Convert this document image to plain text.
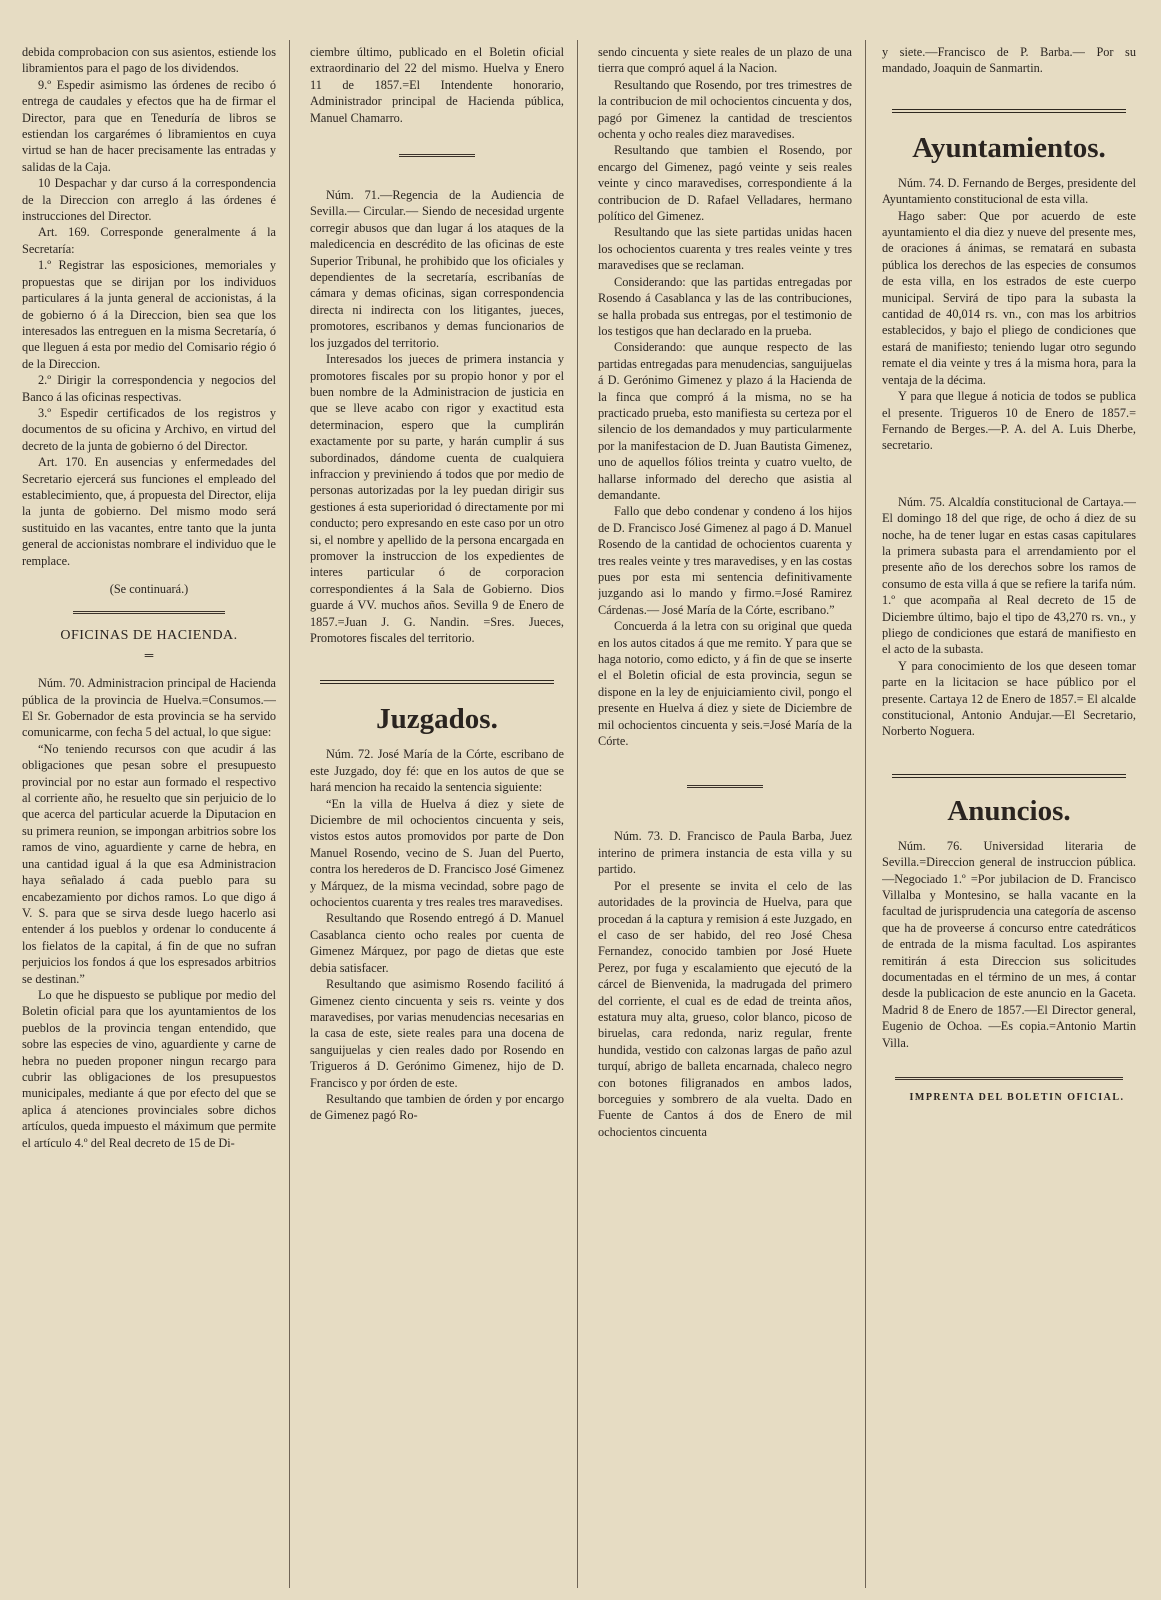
debida comprobacion con sus asientos, estiende los libramientos para el pago de los dividendos.

9.º Espedir asimismo las órdenes de recibo ó entrega de caudales y efectos que ha de firmar el Director, para que en Teneduría de libros se estiendan los cargarémes ó libramientos en cuya virtud se han de hacer precisamente las entradas y salidas de la Caja.

10 Despachar y dar curso á la correspondencia de la Direccion con arreglo á las órdenes é instrucciones del Director.

Art. 169. Corresponde generalmente á la Secretaría:

1.º Registrar las esposiciones, memoriales y propuestas que se dirijan por los individuos particulares á la junta general de accionistas, á la de gobierno ó á la Direccion, bien sea que los interesados las entreguen en la misma Secretaría, ó que lleguen á esta por medio del Comisario régio ó de la Direccion.

2.º Dirigir la correspondencia y negocios del Banco á las oficinas respectivas.

3.º Espedir certificados de los registros y documentos de su oficina y Archivo, en virtud del decreto de la junta de gobierno ó del Director.

Art. 170. En ausencias y enfermedades del Secretario ejercerá sus funciones el empleado del establecimiento, que, á propuesta del Director, elija la junta de gobierno. Del mismo modo será sustituido en las vacantes, entre tanto que la junta general de accionistas nombrare el individuo que le remplace.

(Se continuará.)

OFICINAS DE HACIENDA.
═

Núm. 70. Administracion principal de Hacienda pública de la provincia de Huelva.=Consumos.— El Sr. Gobernador de esta provincia se ha servido comunicarme, con fecha 5 del actual, lo que sigue:

“No teniendo recursos con que acudir á las obligaciones que pesan sobre el presupuesto provincial por no estar aun formado el respectivo al corriente año, he resuelto que sin perjuicio de lo que acerca del particular acuerde la Diputacion en su primera reunion, se impongan arbitrios sobre los ramos de vino, aguardiente y carne de hebra, en una cantidad igual á la que esa Administracion haya señalado á cada pueblo para su encabezamiento por dichos ramos. Lo que digo á V. S. para que se sirva desde luego hacerlo asi entender á los pueblos y ordenar lo conducente á los fielatos de la capital, á fin de que no sufran perjuicios los fondos á que los espresados arbitrios se destinan.”

Lo que he dispuesto se publique por medio del Boletin oficial para que los ayuntamientos de los pueblos de la provincia tengan entendido, que sobre las especies de vino, aguardiente y carne de hebra no pueden proponer ningun recargo para cubrir las obligaciones de los presupuestos municipales, mediante á que por efecto del que se aplica á atenciones provinciales sobre dichos artículos, queda impuesto el máximum que permite el artículo 4.º del Real decreto de 15 de Di-

ciembre último, publicado en el Boletin oficial extraordinario del 22 del mismo. Huelva y Enero 11 de 1857.=El Intendente honorario, Administrador principal de Hacienda pública, Manuel Chamarro.

Núm. 71.—Regencia de la Audiencia de Sevilla.— Circular.— Siendo de necesidad urgente corregir abusos que dan lugar á los ataques de la maledicencia en descrédito de las oficinas de este Superior Tribunal, he prohibido que los oficiales y dependientes de la secretaría, escribanías de cámara y demas oficinas, sigan correspondencia directa ni indirecta con los litigantes, jueces, promotores, escribanos y demas funcionarios de los juzgados del territorio.

Interesados los jueces de primera instancia y promotores fiscales por su propio honor y por el buen nombre de la Administracion de justicia en que se lleve acabo con rigor y exactitud esta determinacion, espero que la cumplirán exactamente por su parte, y harán cumplir á sus subordinados, dándome cuenta de cualquiera infraccion y previniendo á todos que por medio de personas autorizadas por la ley puedan dirigir sus gestiones á esta superioridad ó directamente por mi conducto; pero expresando en este caso por un otro si, el nombre y apellido de la persona encargada en promover la instruccion de los expedientes de interes particular ó de corporacion correspondientes á la Sala de Gobierno. Dios guarde á VV. muchos años. Sevilla 9 de Enero de 1857.=Juan J. G. Nandin. =Sres. Jueces, Promotores fiscales del territorio.

Juzgados.

Núm. 72. José María de la Córte, escribano de este Juzgado, doy fé: que en los autos de que se hará mencion ha recaido la sentencia siguiente:

“En la villa de Huelva á diez y siete de Diciembre de mil ochocientos cincuenta y seis, vistos estos autos promovidos por parte de Don Manuel Rosendo, vecino de S. Juan del Puerto, contra los herederos de D. Francisco José Gimenez y Márquez, de la misma vecindad, sobre pago de ochocientos cuarenta y tres reales tres maravedises.

Resultando que Rosendo entregó á D. Manuel Casablanca ciento ocho reales por cuenta de Gimenez Márquez, por pago de dietas que este debia satisfacer.

Resultando que asimismo Rosendo facilitó á Gimenez ciento cincuenta y seis rs. veinte y dos maravedises, por varias menudencias necesarias en la casa de este, siete reales para una docena de sanguijuelas y cien reales dado por Rosendo en Trigueros á D. Gerónimo Gimenez, hijo de D. Francisco y por órden de este.

Resultando que tambien de órden y por encargo de Gimenez pagó Ro-

sendo cincuenta y siete reales de un plazo de una tierra que compró aquel á la Nacion.

Resultando que Rosendo, por tres trimestres de la contribucion de mil ochocientos cincuenta y dos, pagó por Gimenez la cantidad de trescientos ochenta y ocho reales diez maravedises.

Resultando que tambien el Rosendo, por encargo del Gimenez, pagó veinte y seis reales veinte y cinco maravedises, correspondiente á la contribucion de D. Rafael Velladares, hermano político del Gimenez.

Resultando que las siete partidas unidas hacen los ochocientos cuarenta y tres reales veinte y tres maravedises que se reclaman.

Considerando: que las partidas entregadas por Rosendo á Casablanca y las de las contribuciones, se halla probada sus entregas, por el testimonio de los testigos que han declarado en la prueba.

Considerando: que aunque respecto de las partidas entregadas para menudencias, sanguijuelas á D. Gerónimo Gimenez y plazo á la Hacienda de la finca que compró á la misma, no se ha practicado prueba, esto manifiesta su certeza por el silencio de los demandados y muy particularmente por la manifestacion de D. Juan Bautista Gimenez, uno de aquellos fólios treinta y cuatro vuelto, de hallarse informado del derecho que asistia al demandante.

Fallo que debo condenar y condeno á los hijos de D. Francisco José Gimenez al pago á D. Manuel Rosendo de la cantidad de ochocientos cuarenta y tres reales veinte y tres maravedises, y en las costas pues por esta mi sentencia definitivamente juzgando asi lo mando y firmo.=José Ramirez Cárdenas.— José María de la Córte, escribano.”

Concuerda á la letra con su original que queda en los autos citados á que me remito. Y para que se haga notorio, como edicto, y á fin de que se inserte el el Boletin oficial de esta provincia, segun se dispone en la ley de enjuiciamiento civil, pongo el presente en Huelva á diez y siete de Diciembre de mil ochocientos cincuenta y seis.=José María de la Córte.

Núm. 73. D. Francisco de Paula Barba, Juez interino de primera instancia de esta villa y su partido.

Por el presente se invita el celo de las autoridades de la provincia de Huelva, para que procedan á la captura y remision á este Juzgado, en el caso de ser habido, del reo José Chesa Fernandez, conocido tambien por José Huete Perez, por fuga y escalamiento que ejecutó de la cárcel de Bienvenida, la madrugada del primero del corriente, el cual es de edad de treinta años, estatura muy alta, grueso, color blanco, picoso de biruelas, cara redonda, nariz regular, frente hundida, vestido con calzonas largas de paño azul turquí, abrigo de balleta encarnada, chaleco negro con botones filigranados en ambos lados, borceguies y sombrero de ala vuelta. Dado en Fuente de Cantos á dos de Enero de mil ochocientos cincuenta

y siete.—Francisco de P. Barba.— Por su mandado, Joaquin de Sanmartin.

Ayuntamientos.

Núm. 74. D. Fernando de Berges, presidente del Ayuntamiento constitucional de esta villa.

Hago saber: Que por acuerdo de este ayuntamiento el dia diez y nueve del presente mes, de oraciones á ánimas, se rematará en subasta pública los derechos de las especies de consumos de esta villa, en los estrados de este cuerpo municipal. Servirá de tipo para la subasta la cantidad de 40,014 rs. vn., con mas los arbitrios establecidos, y bajo el pliego de condiciones que estará de manifiesto; teniendo lugar otro segundo remate el dia veinte y tres á la misma hora, para la ventaja de la décima.

Y para que llegue á noticia de todos se publica el presente. Trigueros 10 de Enero de 1857.= Fernando de Berges.—P. A. del A. Luis Dherbe, secretario.

Núm. 75. Alcaldía constitucional de Cartaya.—El domingo 18 del que rige, de ocho á diez de su noche, ha de tener lugar en estas casas capitulares la primera subasta para el arrendamiento por el presente año de los derechos sobre los ramos de consumo de esta villa á que se refiere la tarifa núm. 1.º que acompaña al Real decreto de 15 de Diciembre último, bajo el tipo de 43,270 rs. vn., y pliego de condiciones que estará de manifiesto en el acto de la subasta.

Y para conocimiento de los que deseen tomar parte en la licitacion se hace público por el presente. Cartaya 12 de Enero de 1857.= El alcalde constitucional, Antonio Andujar.—El Secretario, Norberto Noguera.

Anuncios.

Núm. 76. Universidad literaria de Sevilla.=Direccion general de instruccion pública.—Negociado 1.º =Por jubilacion de D. Francisco Villalba y Montesino, se halla vacante en la facultad de jurisprudencia una categoría de ascenso que ha de proveerse á concurso entre catedráticos de entrada de la misma facultad. Los aspirantes remitirán á esta Direccion sus solicitudes documentadas en el término de un mes, á contar desde la publicacion de este anuncio en la Gaceta. Madrid 8 de Enero de 1857.—El Director general, Eugenio de Ochoa. —Es copia.=Antonio Martin Villa.

IMPRENTA DEL BOLETIN OFICIAL.
